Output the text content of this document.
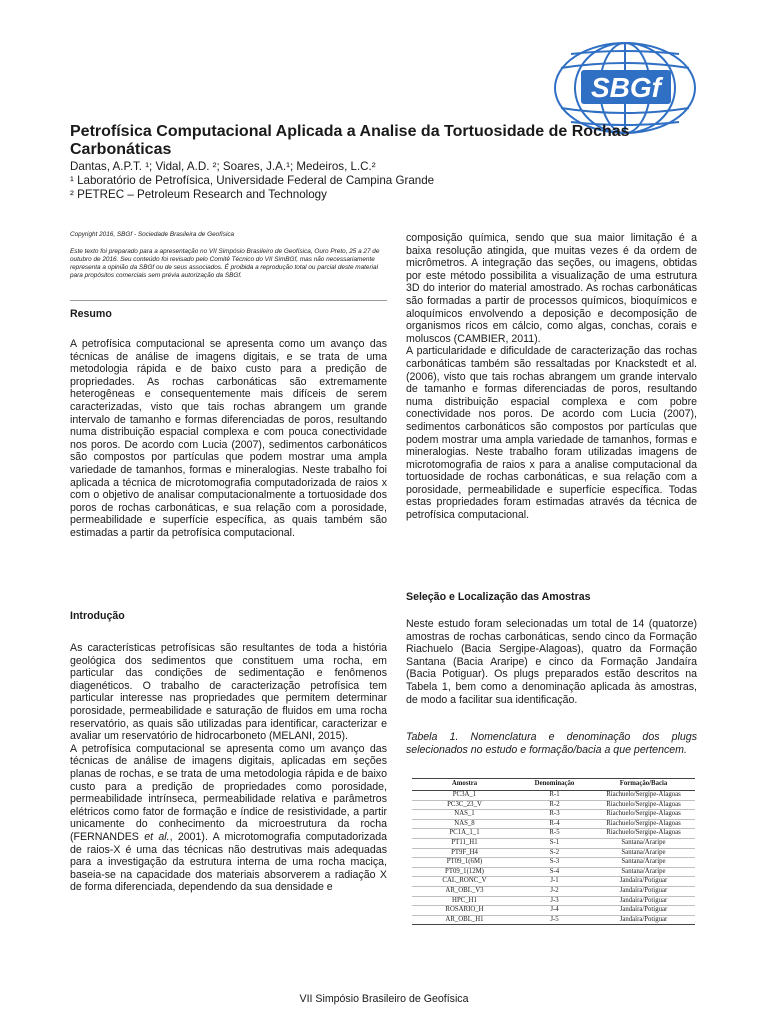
SBGf
Petrofísica Computacional Aplicada a Analise da Tortuosidade de Rochas Carbonáticas
Dantas, A.P.T. ¹; Vidal, A.D. ²; Soares, J.A.¹; Medeiros, L.C.²
¹ Laboratório de Petrofísica, Universidade Federal de Campina Grande
² PETREC – Petroleum Research and Technology

Copyright 2016, SBGf - Sociedade Brasileira de Geofísica

Este texto foi preparado para a apresentação no VII Simpósio Brasileiro de Geofísica, Ouro Preto, 25 a 27 de outubro de 2016. Seu conteúdo foi revisado pelo Comitê Técnico do VII SimBGf, mas não necessariamente representa a opinião da SBGf ou de seus associados. É proibida a reprodução total ou parcial deste material para propósitos comerciais sem prévia autorização da SBGf.

Resumo

A petrofísica computacional se apresenta como um avanço das técnicas de análise de imagens digitais, e se trata de uma metodologia rápida e de baixo custo para a predição de propriedades. As rochas carbonáticas são extremamente heterogêneas e consequentemente mais difíceis de serem caracterizadas, visto que tais rochas abrangem um grande intervalo de tamanho e formas diferenciadas de poros, resultando numa distribuição espacial complexa e com pouca conectividade nos poros. De acordo com Lucia (2007), sedimentos carbonáticos são compostos por partículas que podem mostrar uma ampla variedade de tamanhos, formas e mineralogias. Neste trabalho foi aplicada a técnica de microtomografia computadorizada de raios x com o objetivo de analisar computacionalmente a tortuosidade dos poros de rochas carbonáticas, e sua relação com a porosidade, permeabilidade e superfície específica, as quais também são estimadas a partir da petrofísica computacional.

Introdução

As características petrofísicas são resultantes de toda a história geológica dos sedimentos que constituem uma rocha, em particular das condições de sedimentação e fenômenos diagenéticos. O trabalho de caracterização petrofísica tem particular interesse nas propriedades que permitem determinar porosidade, permeabilidade e saturação de fluidos em uma rocha reservatório, as quais são utilizadas para identificar, caracterizar e avaliar um reservatório de hidrocarboneto (MELANI, 2015).

A petrofísica computacional se apresenta como um avanço das técnicas de análise de imagens digitais, aplicadas em seções planas de rochas, e se trata de uma metodologia rápida e de baixo custo para a predição de propriedades como porosidade, permeabilidade intrínseca, permeabilidade relativa e parâmetros elétricos como fator de formação e índice de resistividade, a partir unicamente do conhecimento da microestrutura da rocha (FERNANDES et al., 2001). A microtomografia computadorizada de raios-X é uma das técnicas não destrutivas mais adequadas para a investigação da estrutura interna de uma rocha maciça, baseia-se na capacidade dos materiais absorverem a radiação X de forma diferenciada, dependendo da sua densidade e

composição química, sendo que sua maior limitação é a baixa resolução atingida, que muitas vezes é da ordem de micrômetros. A integração das seções, ou imagens, obtidas por este método possibilita a visualização de uma estrutura 3D do interior do material amostrado. As rochas carbonáticas são formadas a partir de processos químicos, bioquímicos e aloquímicos envolvendo a deposição e decomposição de organismos ricos em cálcio, como algas, conchas, corais e moluscos (CAMBIER, 2011).

A particularidade e dificuldade de caracterização das rochas carbonáticas também são ressaltadas por Knackstedt et al. (2006), visto que tais rochas abrangem um grande intervalo de tamanho e formas diferenciadas de poros, resultando numa distribuição espacial complexa e com pobre conectividade nos poros. De acordo com Lucia (2007), sedimentos carbonáticos são compostos por partículas que podem mostrar uma ampla variedade de tamanhos, formas e mineralogias. Neste trabalho foram utilizadas imagens de microtomografia de raios x para a analise computacional da tortuosidade de rochas carbonáticas, e sua relação com a porosidade, permeabilidade e superfície específica. Todas estas propriedades foram estimadas através da técnica de petrofísica computacional.

Seleção e Localização das Amostras

Neste estudo foram selecionadas um total de 14 (quatorze) amostras de rochas carbonáticas, sendo cinco da Formação Riachuelo (Bacia Sergipe-Alagoas), quatro da Formação Santana (Bacia Araripe) e cinco da Formação Jandaíra (Bacia Potiguar). Os plugs preparados estão descritos na Tabela 1, bem como a denominação aplicada às amostras, de modo a facilitar sua identificação.

Tabela 1. Nomenclatura e denominação dos plugs selecionados no estudo e formação/bacia a que pertencem.

Amostra	Denominação	Formação/Bacia
PC3A_1	R-1	Riachuelo/Sergipe-Alagoas
PC3C_23_V	R-2	Riachuelo/Sergipe-Alagoas
NAS_1	R-3	Riachuelo/Sergipe-Alagoas
NAS_8	R-4	Riachuelo/Sergipe-Alagoas
PC1A_1_1	R-5	Riachuelo/Sergipe-Alagoas
PT11_H1	S-1	Santana/Araripe
PT9F_H4	S-2	Santana/Araripe
PT09_1(6M)	S-3	Santana/Araripe
PT09_1(12M)	S-4	Santana/Araripe
CAL_RONC_V	J-1	Jandaíra/Potiguar
AR_OBL_V3	J-2	Jandaíra/Potiguar
HPC_H1	J-3	Jandaíra/Potiguar
ROSARIO_H	J-4	Jandaíra/Potiguar
AR_OBL_H1	J-5	Jandaíra/Potiguar
VII Simpósio Brasileiro de Geofísica
